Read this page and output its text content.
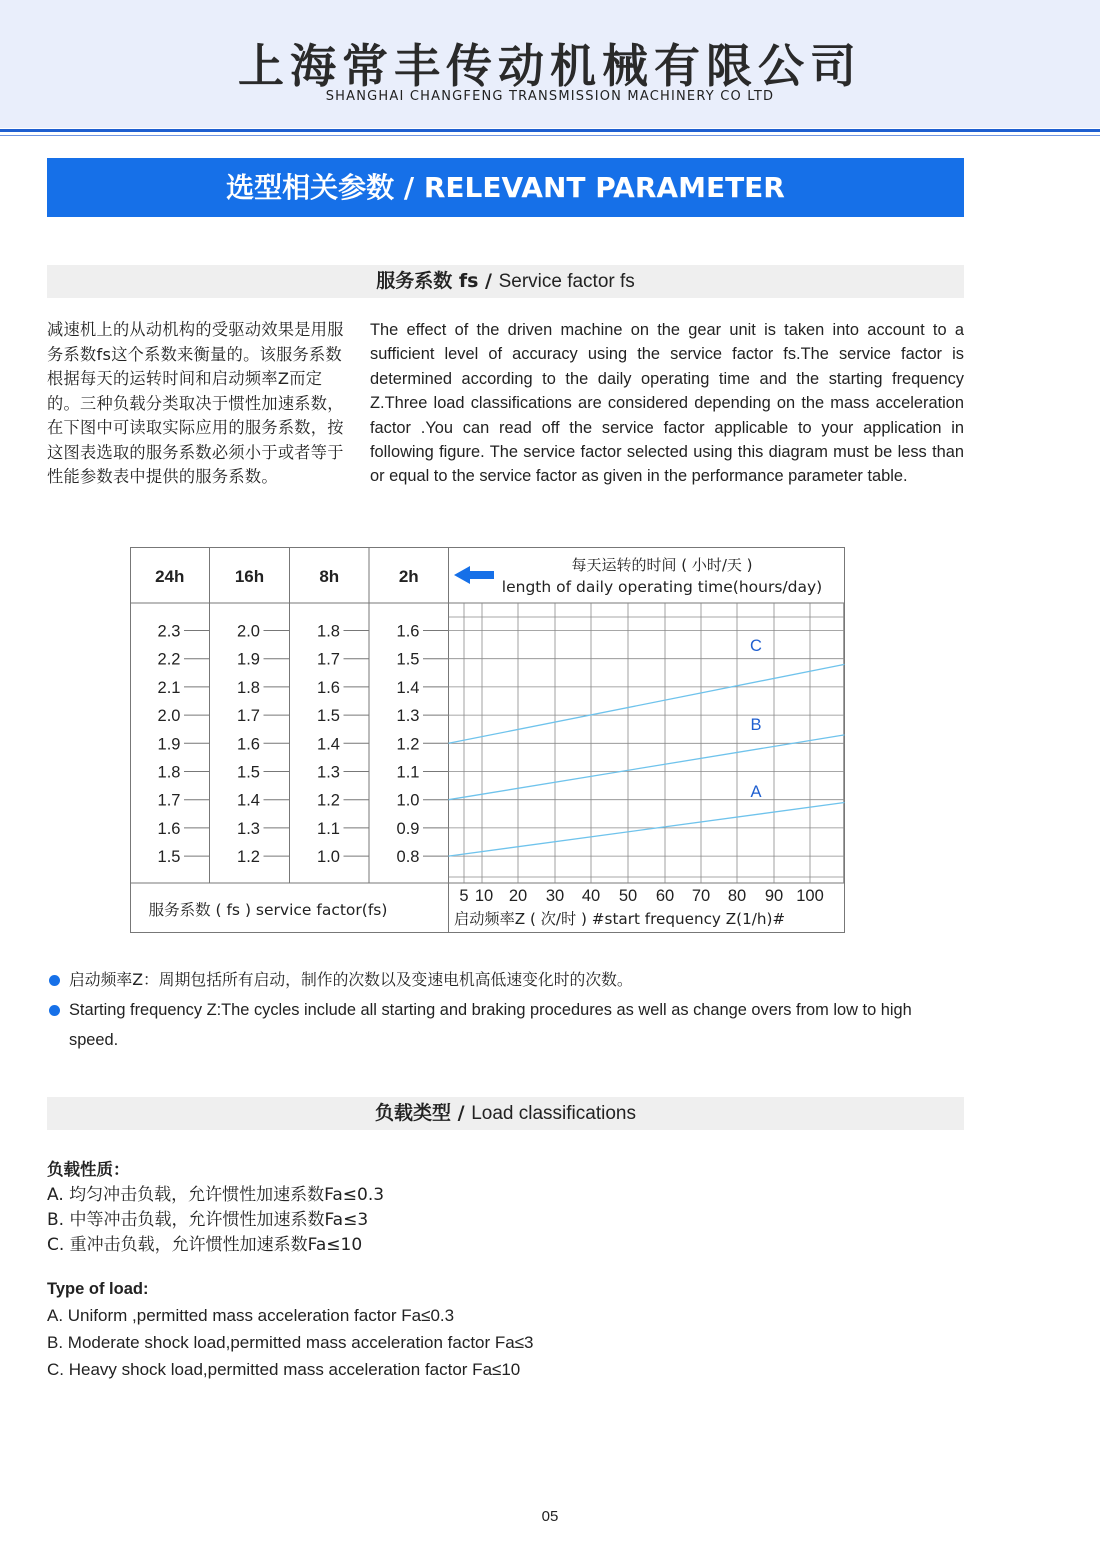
上海常丰传动机械有限公司
SHANGHAI CHANGFENG TRANSMISSION MACHINERY CO LTD
选型相关参数 / RELEVANT PARAMETER
服务系数 fs / Service factor fs
减速机上的从动机构的受驱动效果是用服务系数fs这个系数来衡量的。该服务系数根据每天的运转时间和启动频率Z而定的。三种负载分类取决于惯性加速系数，在下图中可读取实际应用的服务系数，按这图表选取的服务系数必须小于或者等于性能参数表中提供的服务系数。
The effect of the driven machine on the gear unit is taken into account to a sufficient level of accuracy using the service factor fs.The service factor is determined according to the daily operating time and the starting frequency Z.Three load classifications are considered depending on the mass acceleration factor .You can read off the service factor applicable to your application in following figure. The service factor selected using this diagram must be less than or equal to the service factor as given in the performance parameter table.
24h
2.3
2.2
2.1
2.0
1.9
1.8
1.7
1.6
1.5
16h
2.0
1.9
1.8
1.7
1.6
1.5
1.4
1.3
1.2
8h
1.8
1.7
1.6
1.5
1.4
1.3
1.2
1.1
1.0
2h
1.6
1.5
1.4
1.3
1.2
1.1
1.0
0.9
0.8
5 10 20 30 40 50 60 70 80 90 100
C
B
A
每天运转的时间 ( 小时/天 )
length of daily operating time(hours/day)
服务系数 ( fs ) service factor(fs)	启动频率Z ( 次/时 ) #start frequency Z(1/h)#
启动频率Z：周期包括所有启动，制作的次数以及变速电机高低速变化时的次数。
Starting frequency Z:The cycles include all starting and braking procedures as well as change overs from low to high speed.
负载类型 / Load classifications
负载性质：
A. 均匀冲击负载，允许惯性加速系数Fa≤0.3
B. 中等冲击负载，允许惯性加速系数Fa≤3
C. 重冲击负载，允许惯性加速系数Fa≤10
Type of load:
A. Uniform ,permitted mass acceleration factor Fa≤0.3
B. Moderate shock load,permitted mass acceleration factor Fa≤3
C. Heavy shock load,permitted mass acceleration factor Fa≤10
05
